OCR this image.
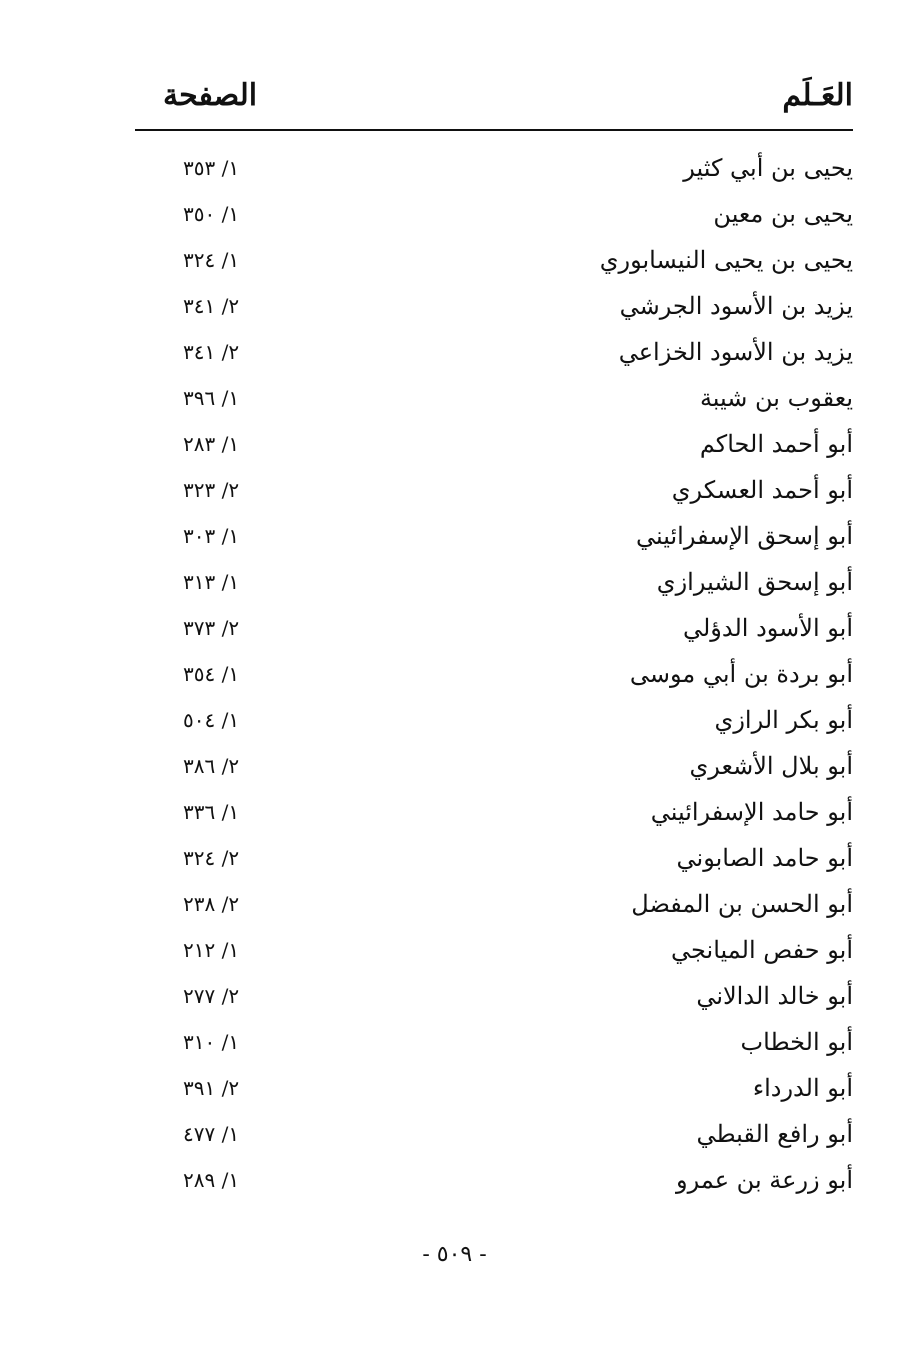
العَـلَم
الصفحة
يحيى بن أبي كثير
١/ ٣٥٣
يحيى بن معين
١/ ٣٥٠
يحيى بن يحيى النيسابوري
١/ ٣٢٤
يزيد بن الأسود الجرشي
٢/ ٣٤١
يزيد بن الأسود الخزاعي
٢/ ٣٤١
يعقوب بن شيبة
١/ ٣٩٦
أبو أحمد الحاكم
١/ ٢٨٣
أبو أحمد العسكري
٢/ ٣٢٣
أبو إسحق الإسفرائيني
١/ ٣٠٣
أبو إسحق الشيرازي
١/ ٣١٣
أبو الأسود الدؤلي
٢/ ٣٧٣
أبو بردة بن أبي موسى
١/ ٣٥٤
أبو بكر الرازي
١/ ٥٠٤
أبو بلال الأشعري
٢/ ٣٨٦
أبو حامد الإسفرائيني
١/ ٣٣٦
أبو حامد الصابوني
٢/ ٣٢٤
أبو الحسن بن المفضل
٢/ ٢٣٨
أبو حفص الميانجي
١/ ٢١٢
أبو خالد الدالاني
٢/ ٢٧٧
أبو الخطاب
١/ ٣١٠
أبو الدرداء
٢/ ٣٩١
أبو رافع القبطي
١/ ٤٧٧
أبو زرعة بن عمرو
١/ ٢٨٩
- ٥٠٩ -
